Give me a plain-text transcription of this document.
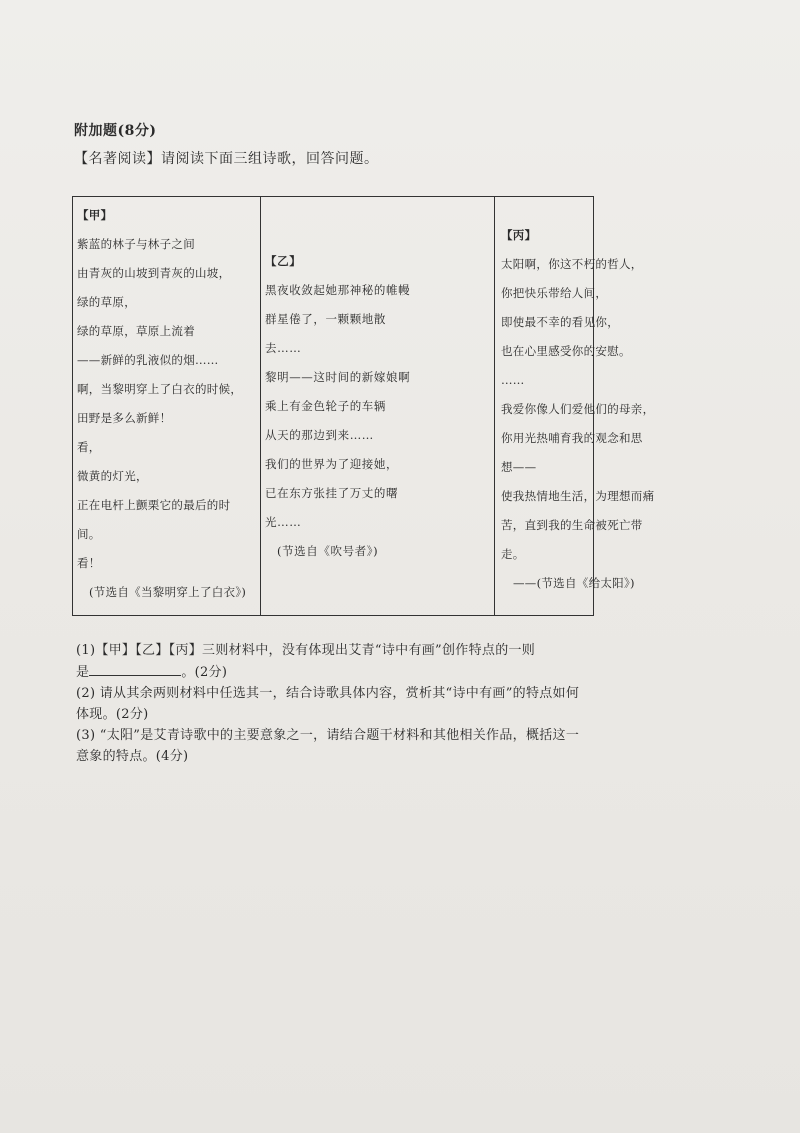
附加题(8分)
【名著阅读】请阅读下面三组诗歌，回答问题。
【甲】
紫蓝的林子与林子之间
由青灰的山坡到青灰的山坡，
绿的草原，
绿的草原，草原上流着
——新鲜的乳液似的烟……
啊，当黎明穿上了白衣的时候，
田野是多么新鲜！
看，
微黄的灯光，
正在电杆上颤栗它的最后的时
间。
看！
(节选自《当黎明穿上了白衣》)
【乙】
黑夜收敛起她那神秘的帷幔
群星倦了，一颗颗地散
去……
黎明——这时间的新嫁娘啊
乘上有金色轮子的车辆
从天的那边到来……
我们的世界为了迎接她，
已在东方张挂了万丈的曙
光……
(节选自《吹号者》)
【丙】
太阳啊，你这不朽的哲人，
你把快乐带给人间，
即使最不幸的看见你，
也在心里感受你的安慰。
……
我爱你像人们爱他们的母亲，
你用光热哺育我的观念和思
想——
使我热情地生活，为理想而痛
苦，直到我的生命被死亡带
走。
——(节选自《给太阳》)
(1)【甲】【乙】【丙】三则材料中，没有体现出艾青“诗中有画”创作特点的一则
是	。(2分)
(2) 请从其余两则材料中任选其一，结合诗歌具体内容，赏析其“诗中有画”的特点如何
体现。(2分)
(3) “太阳”是艾青诗歌中的主要意象之一，请结合题干材料和其他相关作品，概括这一
意象的特点。(4分)
